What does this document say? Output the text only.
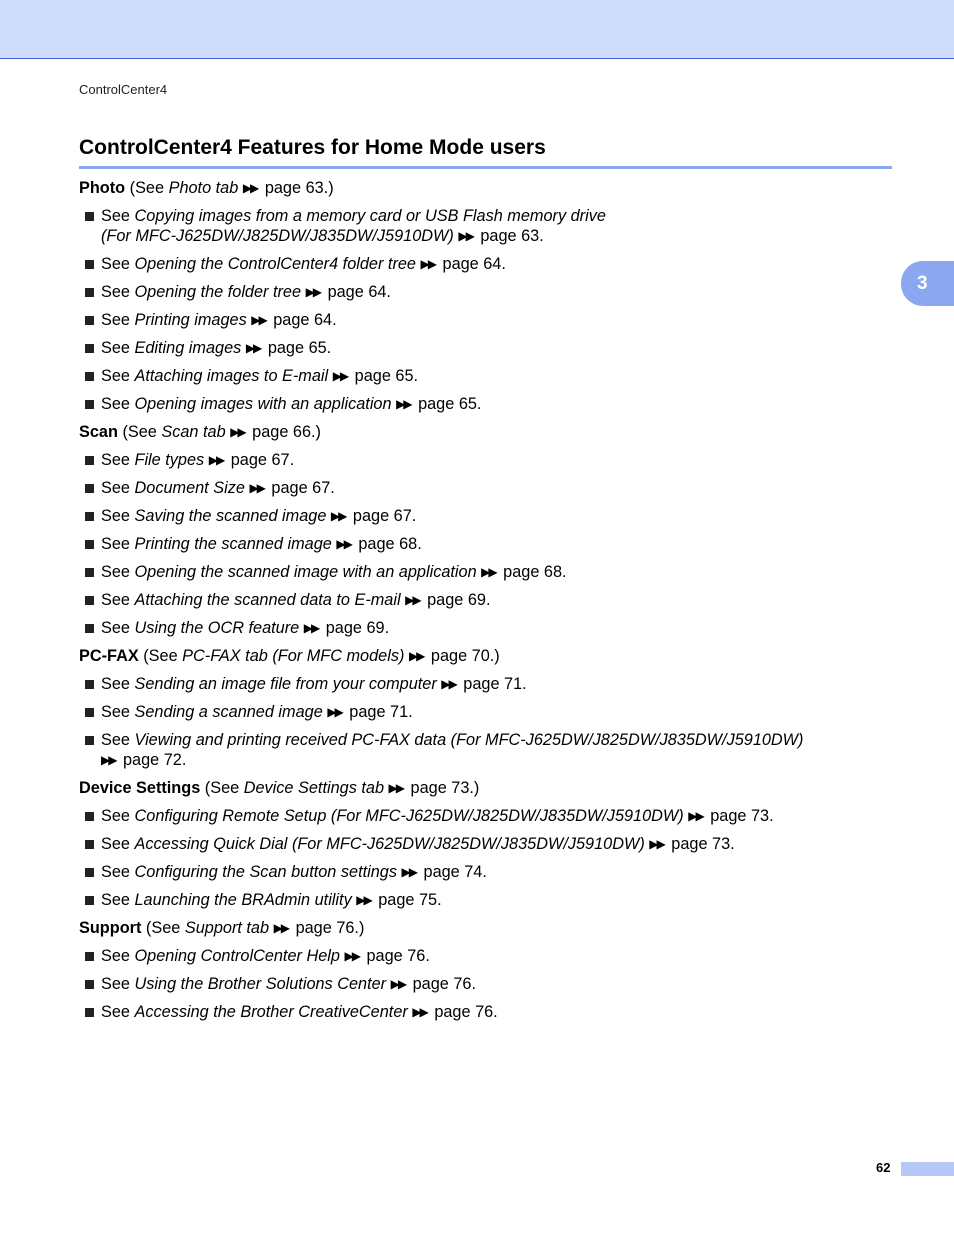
ControlCenter4
ControlCenter4 Features for Home Mode users
3

Photo (See Photo tab ▶▶ page 63.)

See Copying images from a memory card or USB Flash memory drive
(For MFC-J625DW/J825DW/J835DW/J5910DW) ▶▶ page 63.
See Opening the ControlCenter4 folder tree ▶▶ page 64.
See Opening the folder tree ▶▶ page 64.
See Printing images ▶▶ page 64.
See Editing images ▶▶ page 65.
See Attaching images to E-mail ▶▶ page 65.
See Opening images with an application ▶▶ page 65.

Scan (See Scan tab ▶▶ page 66.)

See File types ▶▶ page 67.
See Document Size ▶▶ page 67.
See Saving the scanned image ▶▶ page 67.
See Printing the scanned image ▶▶ page 68.
See Opening the scanned image with an application ▶▶ page 68.
See Attaching the scanned data to E-mail ▶▶ page 69.
See Using the OCR feature ▶▶ page 69.

PC-FAX (See PC-FAX tab (For MFC models) ▶▶ page 70.)

See Sending an image file from your computer ▶▶ page 71.
See Sending a scanned image ▶▶ page 71.
See Viewing and printing received PC-FAX data (For MFC-J625DW/J825DW/J835DW/J5910DW)
▶▶ page 72.

Device Settings (See Device Settings tab ▶▶ page 73.)

See Configuring Remote Setup (For MFC-J625DW/J825DW/J835DW/J5910DW) ▶▶ page 73.
See Accessing Quick Dial (For MFC-J625DW/J825DW/J835DW/J5910DW) ▶▶ page 73.
See Configuring the Scan button settings ▶▶ page 74.
See Launching the BRAdmin utility ▶▶ page 75.

Support (See Support tab ▶▶ page 76.)

See Opening ControlCenter Help ▶▶ page 76.
See Using the Brother Solutions Center ▶▶ page 76.
See Accessing the Brother CreativeCenter ▶▶ page 76.
62
